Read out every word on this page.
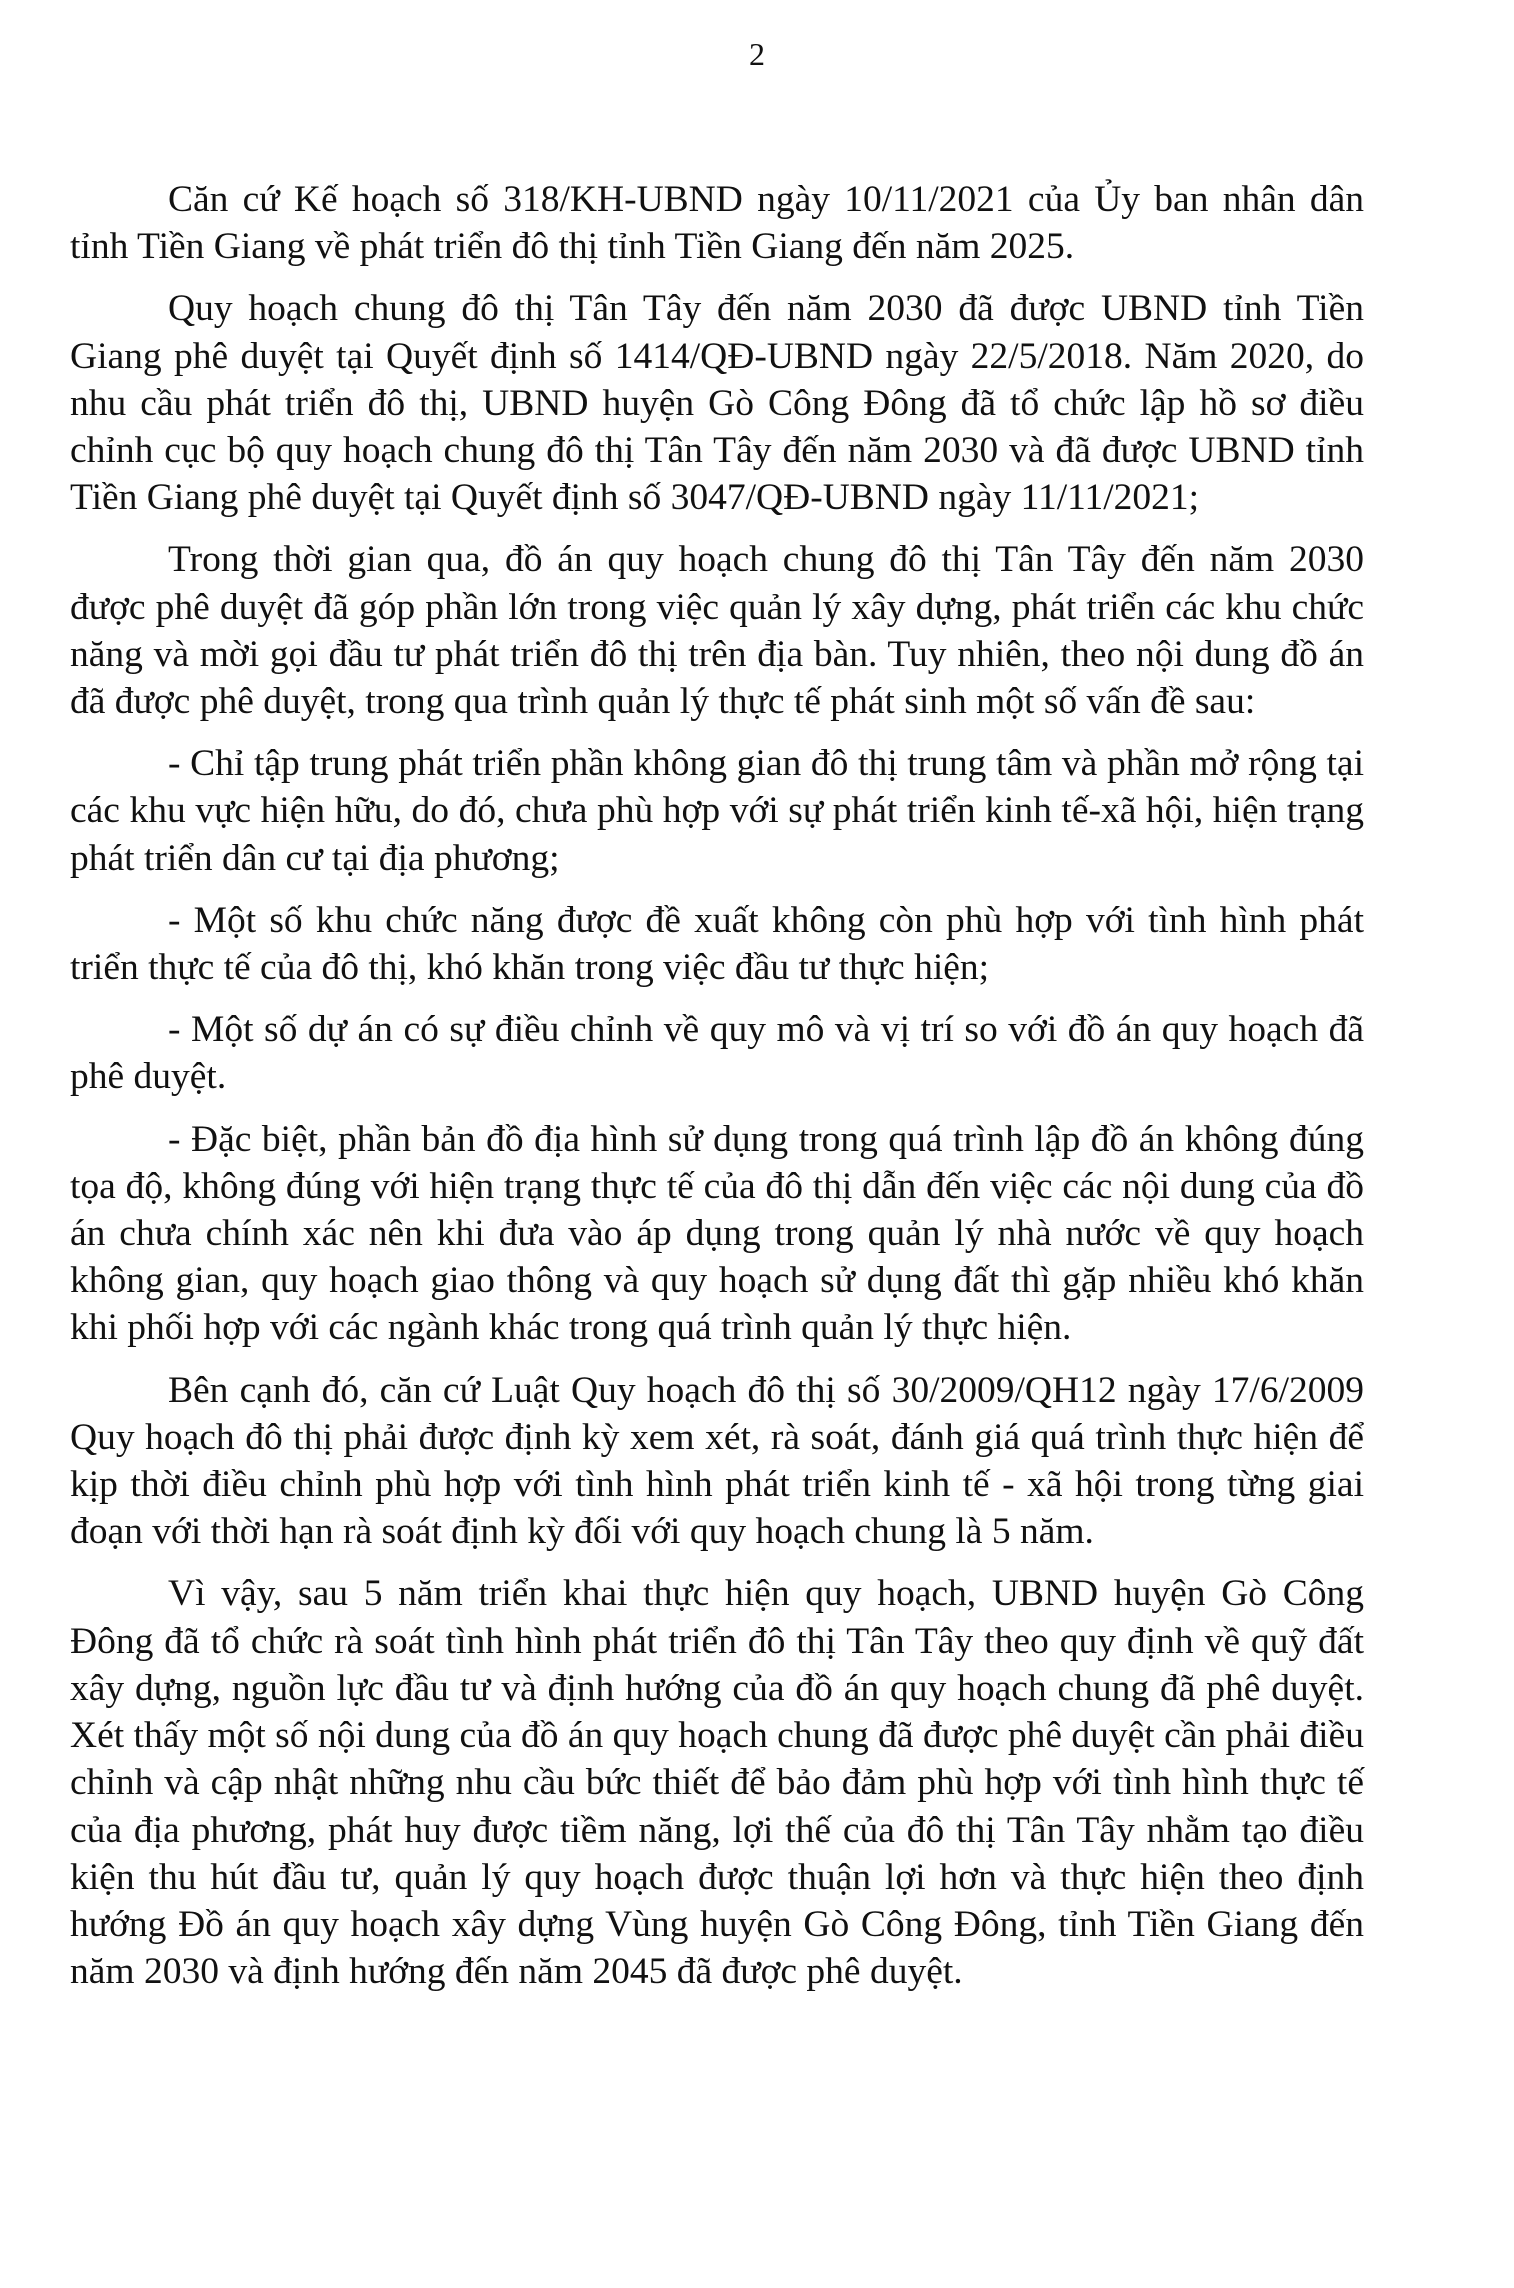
2

Căn cứ Kế hoạch số 318/KH-UBND ngày 10/11/2021 của Ủy ban nhân dân tỉnh Tiền Giang về phát triển đô thị tỉnh Tiền Giang đến năm 2025.

Quy hoạch chung đô thị Tân Tây đến năm 2030 đã được UBND tỉnh Tiền Giang phê duyệt tại Quyết định số 1414/QĐ-UBND ngày 22/5/2018. Năm 2020, do nhu cầu phát triển đô thị, UBND huyện Gò Công Đông đã tổ chức lập hồ sơ điều chỉnh cục bộ quy hoạch chung đô thị Tân Tây đến năm 2030 và đã được UBND tỉnh Tiền Giang phê duyệt tại Quyết định số 3047/QĐ-UBND ngày 11/11/2021;

Trong thời gian qua, đồ án quy hoạch chung đô thị Tân Tây đến năm 2030 được phê duyệt đã góp phần lớn trong việc quản lý xây dựng, phát triển các khu chức năng và mời gọi đầu tư phát triển đô thị trên địa bàn. Tuy nhiên, theo nội dung đồ án đã được phê duyệt, trong qua trình quản lý thực tế phát sinh một số vấn đề sau:

- Chỉ tập trung phát triển phần không gian đô thị trung tâm và phần mở rộng tại các khu vực hiện hữu, do đó, chưa phù hợp với sự phát triển kinh tế-xã hội, hiện trạng phát triển dân cư tại địa phương;

- Một số khu chức năng được đề xuất không còn phù hợp với tình hình phát triển thực tế của đô thị, khó khăn trong việc đầu tư thực hiện;

- Một số dự án có sự điều chỉnh về quy mô và vị trí so với đồ án quy hoạch đã phê duyệt.

- Đặc biệt, phần bản đồ địa hình sử dụng trong quá trình lập đồ án không đúng tọa độ, không đúng với hiện trạng thực tế của đô thị dẫn đến việc các nội dung của đồ án chưa chính xác nên khi đưa vào áp dụng trong quản lý nhà nước về quy hoạch không gian, quy hoạch giao thông và quy hoạch sử dụng đất thì gặp nhiều khó khăn khi phối hợp với các ngành khác trong quá trình quản lý thực hiện.

Bên cạnh đó, căn cứ Luật Quy hoạch đô thị số 30/2009/QH12 ngày 17/6/2009 Quy hoạch đô thị phải được định kỳ xem xét, rà soát, đánh giá quá trình thực hiện để kịp thời điều chỉnh phù hợp với tình hình phát triển kinh tế - xã hội trong từng giai đoạn với thời hạn rà soát định kỳ đối với quy hoạch chung là 5 năm.

Vì vậy, sau 5 năm triển khai thực hiện quy hoạch, UBND huyện Gò Công Đông đã tổ chức rà soát tình hình phát triển đô thị Tân Tây theo quy định về quỹ đất xây dựng, nguồn lực đầu tư và định hướng của đồ án quy hoạch chung đã phê duyệt. Xét thấy một số nội dung của đồ án quy hoạch chung đã được phê duyệt cần phải điều chỉnh và cập nhật những nhu cầu bức thiết để bảo đảm phù hợp với tình hình thực tế của địa phương, phát huy được tiềm năng, lợi thế của đô thị Tân Tây nhằm tạo điều kiện thu hút đầu tư, quản lý quy hoạch được thuận lợi hơn và thực hiện theo định hướng Đồ án quy hoạch xây dựng Vùng huyện Gò Công Đông, tỉnh Tiền Giang đến năm 2030 và định hướng đến năm 2045 đã được phê duyệt.
